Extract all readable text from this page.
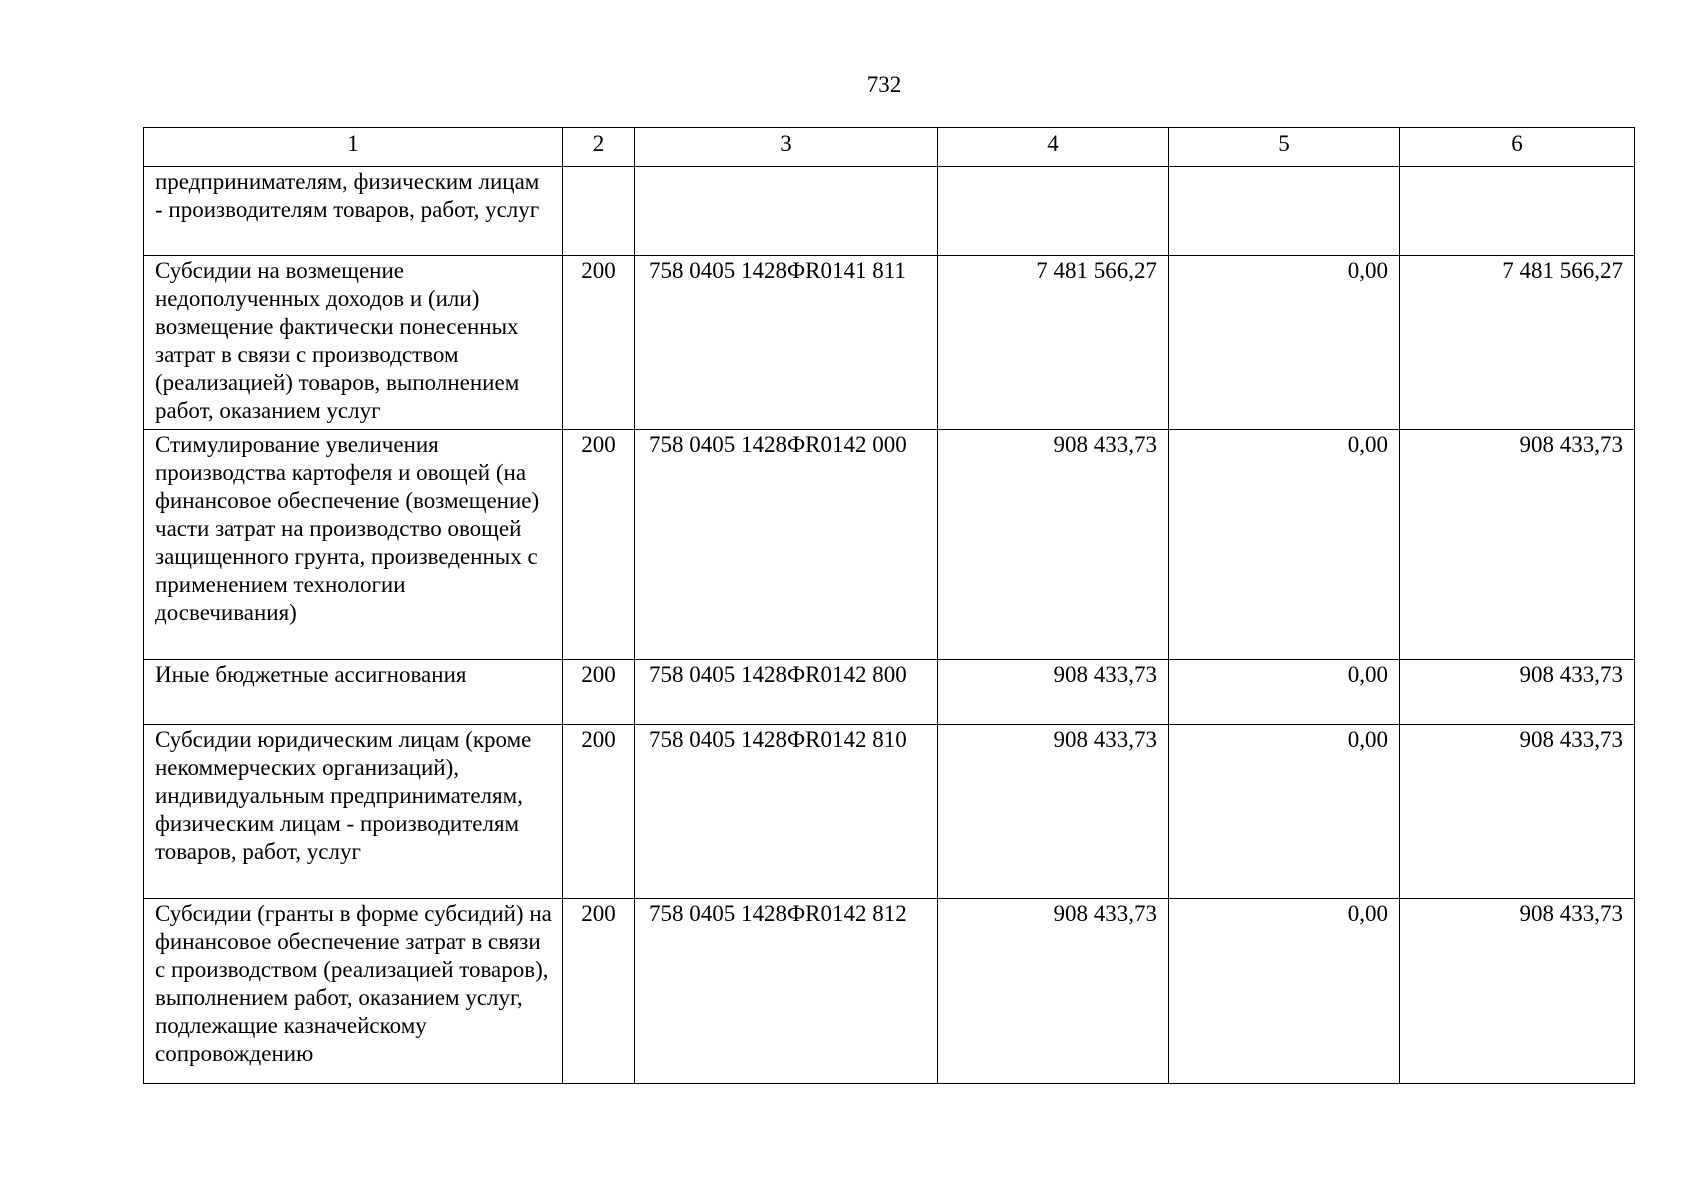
732
1	2	3	4	5	6
предпринимателям, физическим лицам - производителям товаров, работ, услуг					
Субсидии на возмещение недополученных доходов и (или) возмещение фактически понесенных затрат в связи с производством (реализацией) товаров, выполнением работ, оказанием услуг	200	758 0405 1428ФR0141 811	7 481 566,27	0,00	7 481 566,27
Стимулирование увеличения производства картофеля и овощей (на финансовое обеспечение (возмещение) части затрат на производство овощей защищенного грунта, произведенных с применением технологии досвечивания)	200	758 0405 1428ФR0142 000	908 433,73	0,00	908 433,73
Иные бюджетные ассигнования	200	758 0405 1428ФR0142 800	908 433,73	0,00	908 433,73
Субсидии юридическим лицам (кроме некоммерческих организаций), индивидуальным предпринимателям, физическим лицам - производителям товаров, работ, услуг	200	758 0405 1428ФR0142 810	908 433,73	0,00	908 433,73
Субсидии (гранты в форме субсидий) на финансовое обеспечение затрат в связи с производством (реализацией товаров), выполнением работ, оказанием услуг, подлежащие казначейскому сопровождению	200	758 0405 1428ФR0142 812	908 433,73	0,00	908 433,73
